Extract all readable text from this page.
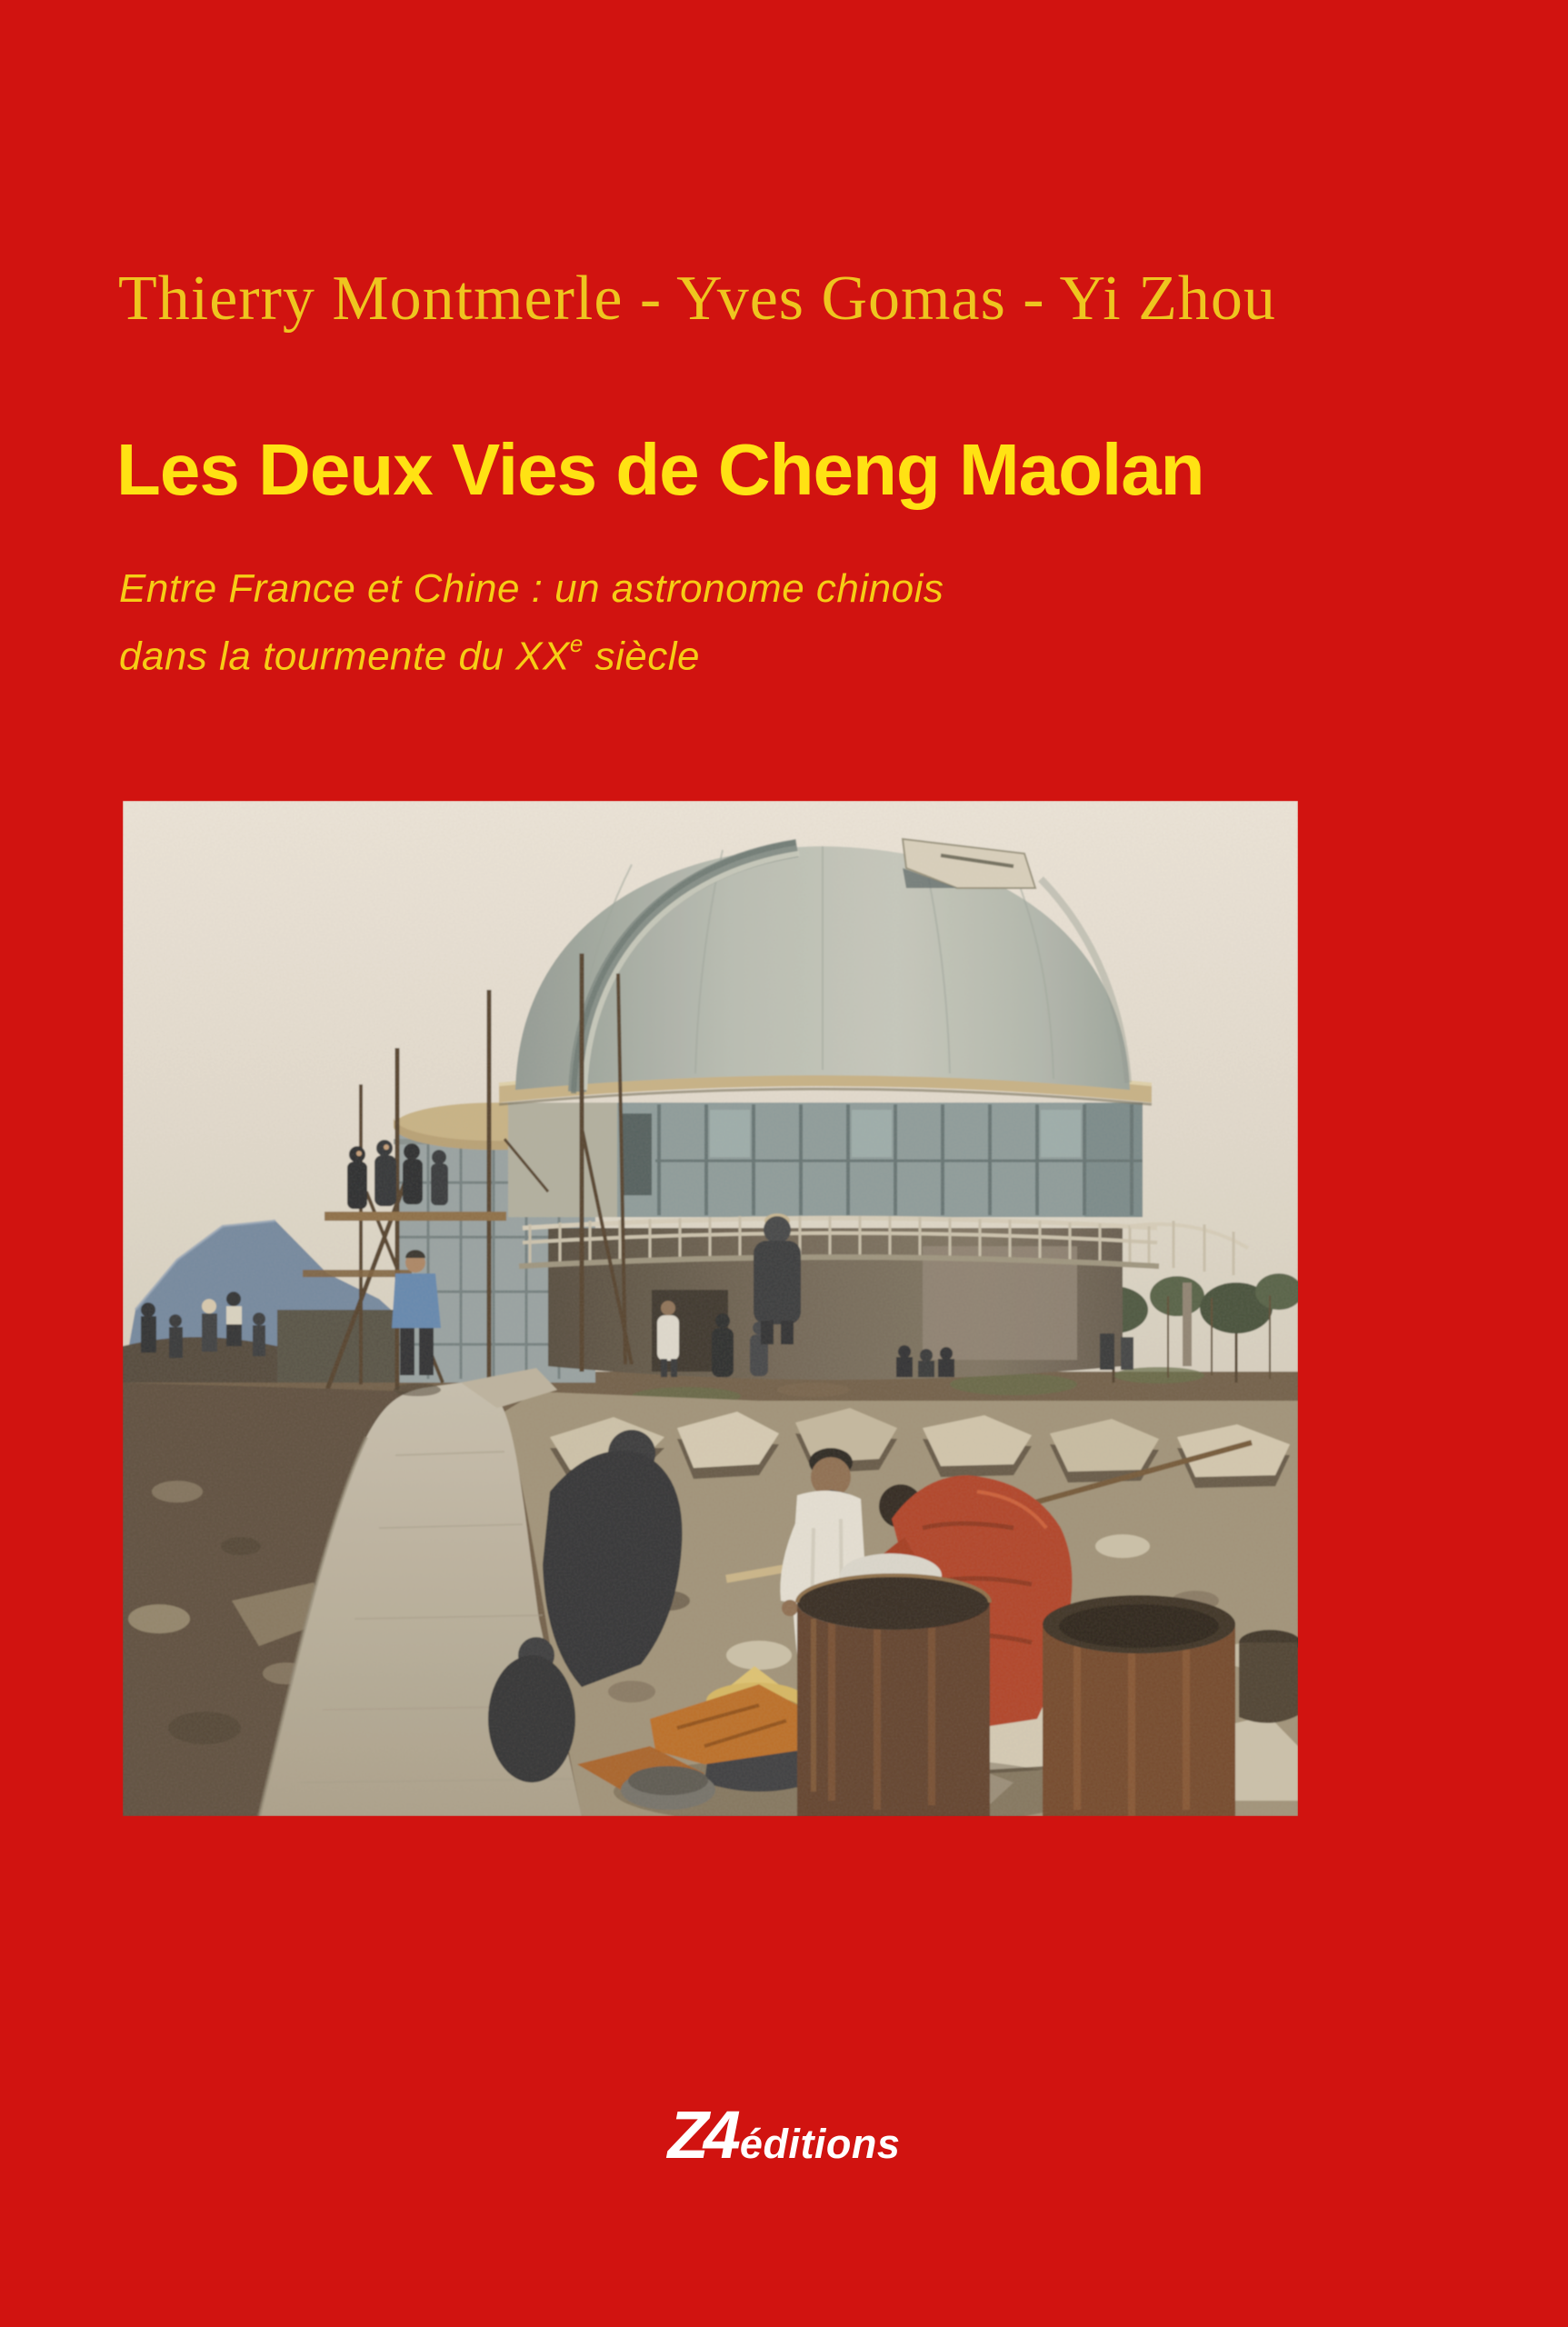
Thierry Montmerle - Yves Gomas - Yi Zhou
Les Deux Vies de Cheng Maolan
Entre France et Chine : un astronome chinois
dans la tourmente du XXe siècle
Z4 éditions
